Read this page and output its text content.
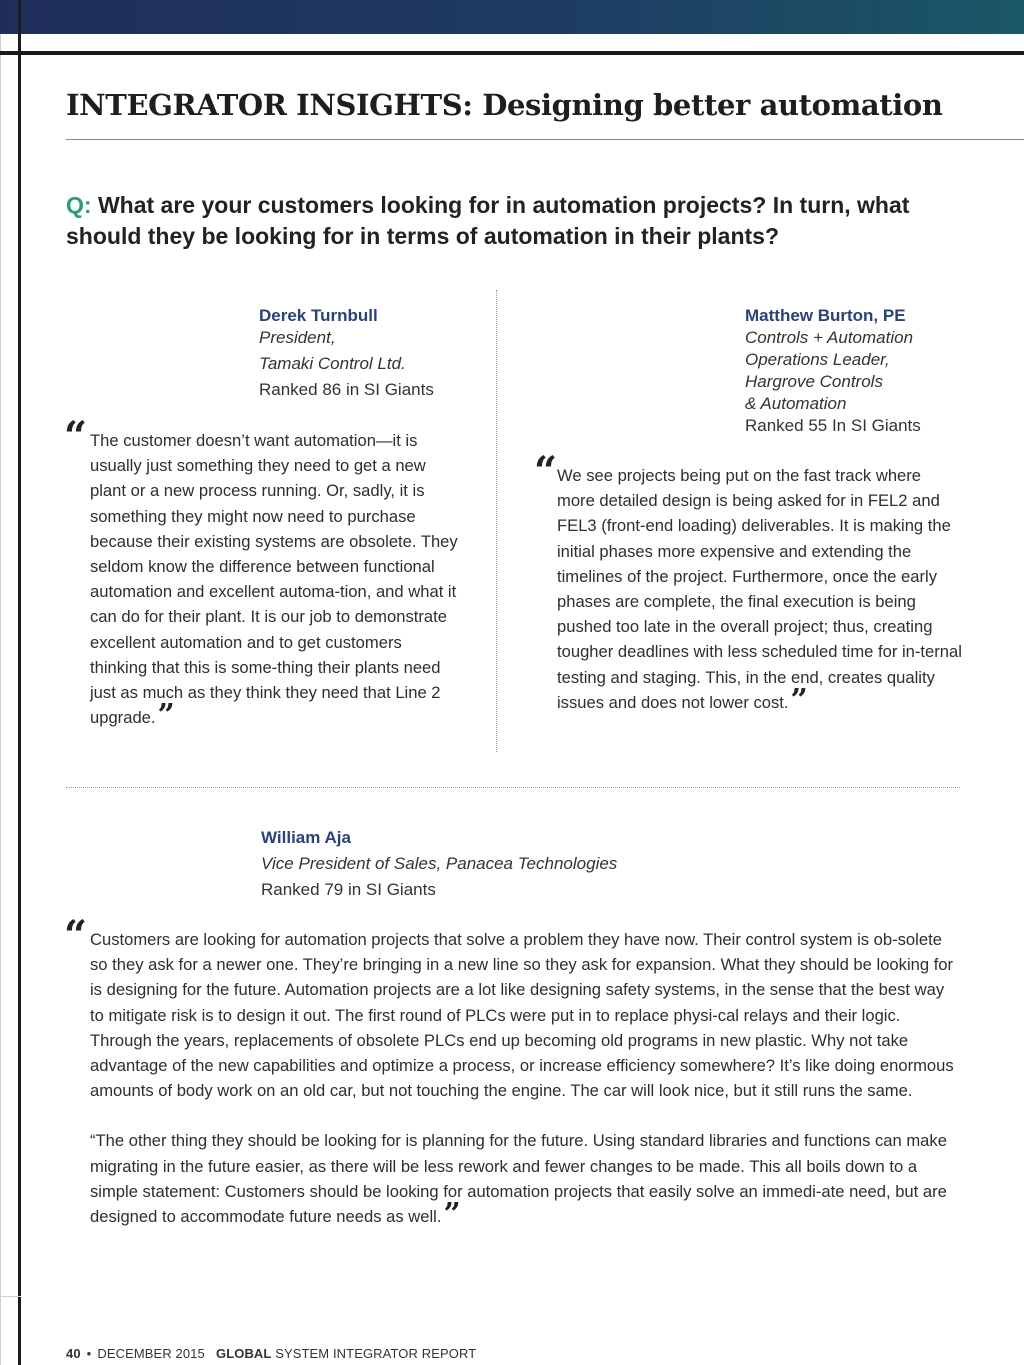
INTEGRATOR INSIGHTS: Designing better automation
Q: What are your customers looking for in automation projects? In turn, what should they be looking for in terms of automation in their plants?
Derek Turnbull
President,
Tamaki Control Ltd.
Ranked 86 in SI Giants
“ The customer doesn’t want automation—it is usually just something they need to get a new plant or a new process running. Or, sadly, it is something they might now need to purchase because their existing systems are obsolete. They seldom know the difference between functional automation and excellent automa-tion, and what it can do for their plant. It is our job to demonstrate excellent automation and to get customers thinking that this is some-thing their plants need just as much as they think they need that Line 2 upgrade.”

Matthew Burton, PE
Controls + Automation
Operations Leader,
Hargrove Controls
& Automation
Ranked 55 In SI Giants
“ We see projects being put on the fast track where more detailed design is being asked for in FEL2 and FEL3 (front-end loading) deliverables. It is making the initial phases more expensive and extending the timelines of the project. Furthermore, once the early phases are complete, the final execution is being pushed too late in the overall project; thus, creating tougher deadlines with less scheduled time for in-ternal testing and staging. This, in the end, creates quality issues and does not lower cost.”

William Aja
Vice President of Sales, Panacea Technologies
Ranked 79 in SI Giants
“ Customers are looking for automation projects that solve a problem they have now. Their control system is ob-solete so they ask for a newer one. They’re bringing in a new line so they ask for expansion. What they should be looking for is designing for the future. Automation projects are a lot like designing safety systems, in the sense that the best way to mitigate risk is to design it out. The first round of PLCs were put in to replace physi-cal relays and their logic. Through the years, replacements of obsolete PLCs end up becoming old programs in new plastic. Why not take advantage of the new capabilities and optimize a process, or increase efficiency somewhere? It’s like doing enormous amounts of body work on an old car, but not touching the engine. The car will look nice, but it still runs the same.

“The other thing they should be looking for is planning for the future. Using standard libraries and functions can make migrating in the future easier, as there will be less rework and fewer changes to be made. This all boils down to a simple statement: Customers should be looking for automation projects that easily solve an immedi-ate need, but are designed to accommodate future needs as well.”

40 • DECEMBER 2015 GLOBAL SYSTEM INTEGRATOR REPORT
